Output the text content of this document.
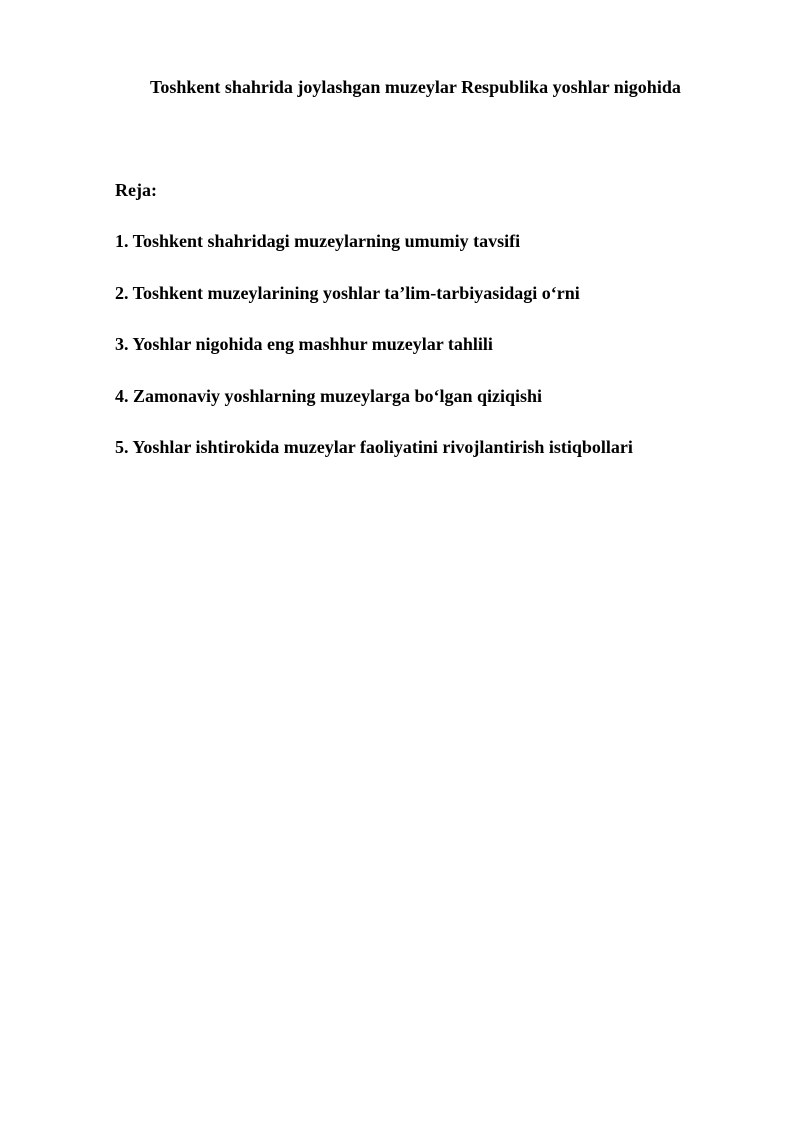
Toshkent shahrida joylashgan muzeylar Respublika yoshlar nigohida
Reja:
1. Toshkent shahridagi muzeylarning umumiy tavsifi
2. Toshkent muzeylarining yoshlar ta’lim-tarbiyasidagi o‘rni
3. Yoshlar nigohida eng mashhur muzeylar tahlili
4. Zamonaviy yoshlarning muzeylarga bo‘lgan qiziqishi
5. Yoshlar ishtirokida muzeylar faoliyatini rivojlantirish istiqbollari
